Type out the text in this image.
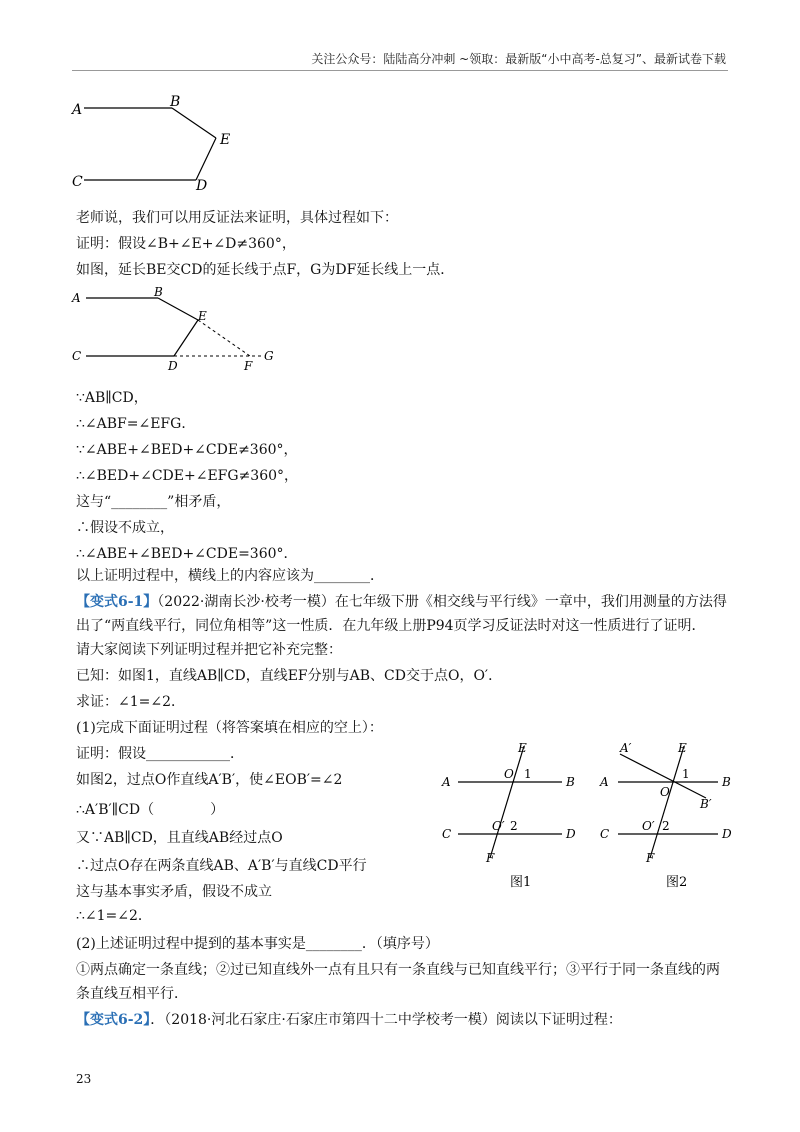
关注公众号：陆陆高分冲刺 ~领取：最新版“小中高考-总复习”、最新试卷下载
A	B
E
C	D
老师说，我们可以用反证法来证明，具体过程如下：
证明：假设∠B+∠E+∠D≠360°，
如图，延长BE交CD的延长线于点F，G为DF延长线上一点．
A	B
E
C
D	F
G
∵AB∥CD，
∴∠ABF=∠EFG．
∵∠ABE+∠BED+∠CDE≠360°，
∴∠BED+∠CDE+∠EFG≠360°，
这与“________”相矛盾，
∴假设不成立，
∴∠ABE+∠BED+∠CDE=360°．
以上证明过程中，横线上的内容应该为________．
【变式6-1】（2022·湖南长沙·校考一模）在七年级下册《相交线与平行线》一章中，我们用测量的方法得
出了“两直线平行，同位角相等”这一性质．在九年级上册P94页学习反证法时对这一性质进行了证明．
请大家阅读下列证明过程并把它补充完整：
已知：如图1，直线AB∥CD，直线EF分别与AB、CD交于点O，O′．
求证：∠1=∠2．
(1)完成下面证明过程（将答案填在相应的空上）：
证明：假设____________．
如图2，过点O作直线A′B′，使∠EOB′=∠2
∴A′B′∥CD（　　　　）
又∵AB∥CD，且直线AB经过点O
∴过点O存在两条直线AB、A′B′与直线CD平行
这与基本事实矛盾，假设不成立
∴∠1=∠2．
E
A
O 1
B
C
O′ 2
D
F
图1
A′	E
1
B
A
O
B′
C
O′ 2
D
F
图2
(2)上述证明过程中提到的基本事实是________．（填序号）
①两点确定一条直线；②过已知直线外一点有且只有一条直线与已知直线平行；③平行于同一条直线的两
条直线互相平行．
【变式6-2】．（2018·河北石家庄·石家庄市第四十二中学校考一模）阅读以下证明过程：
23
